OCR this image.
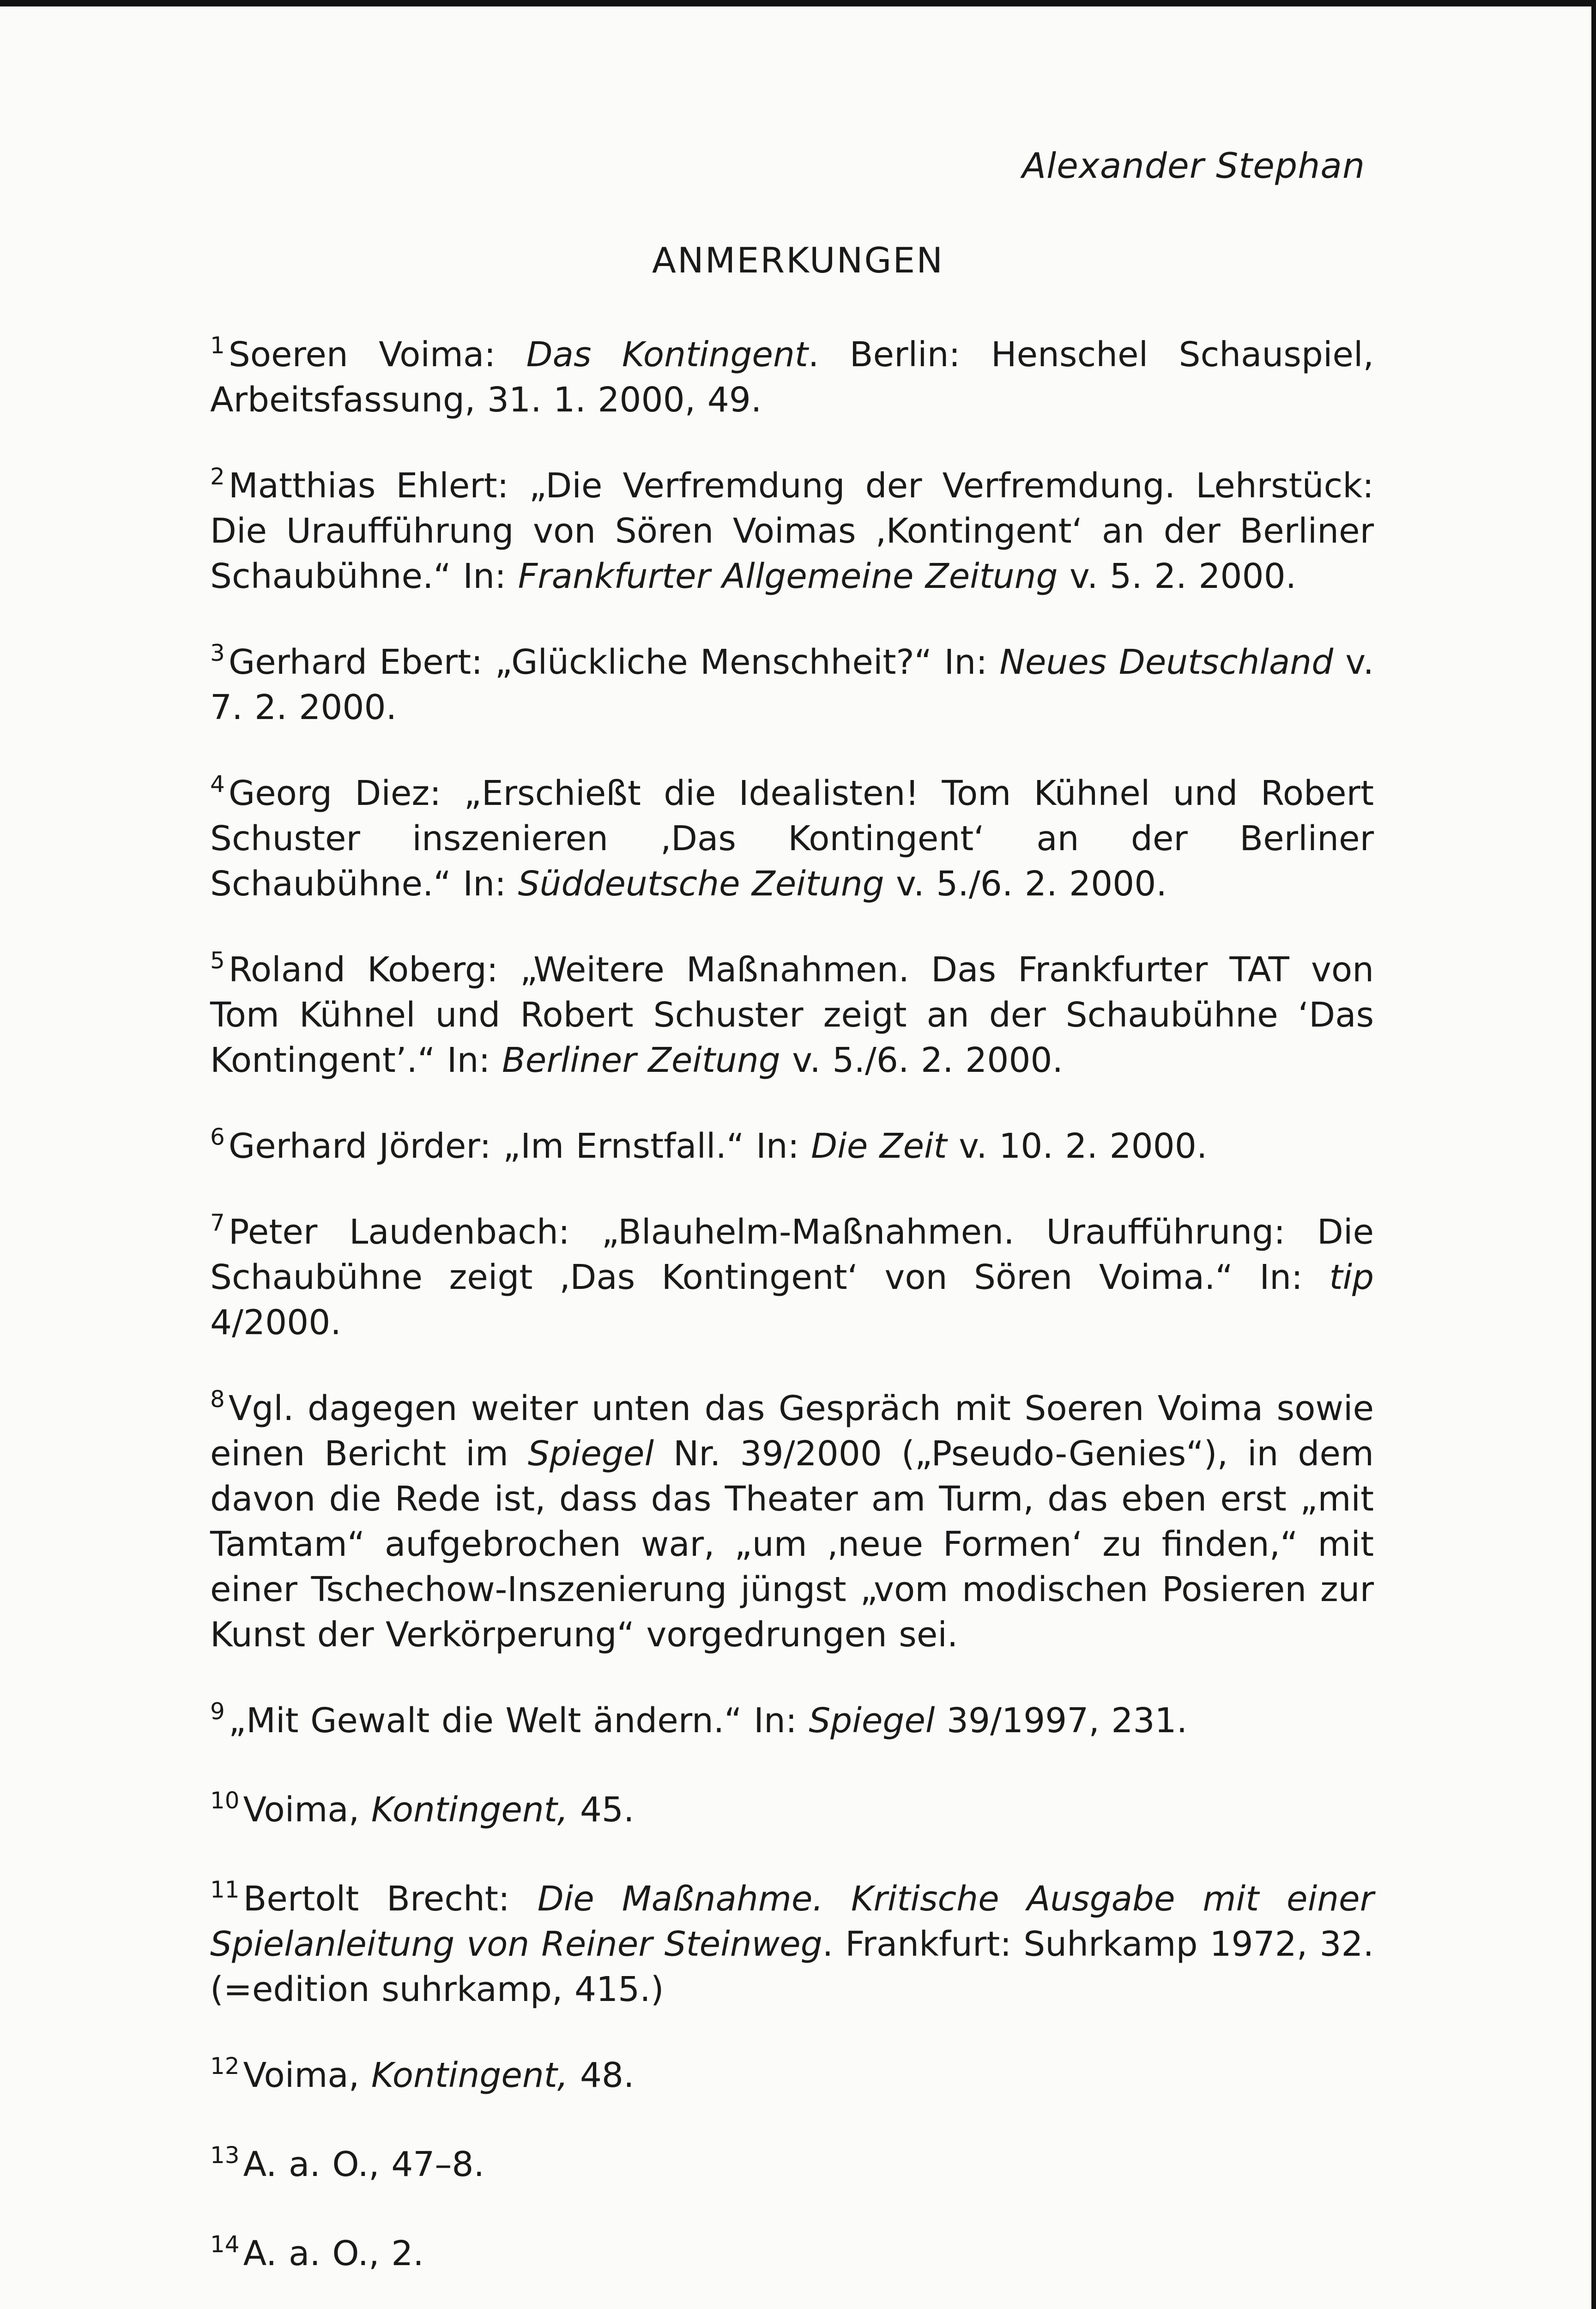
Alexander Stephan
ANMERKUNGEN

$^1$ Soeren Voima: Das Kontingent. Berlin: Henschel Schauspiel, Arbeitsfassung, 31. 1. 2000, 49.

$^2$ Matthias Ehlert: „Die Verfremdung der Verfremdung. Lehrstück: Die Uraufführung von Sören Voimas ‚Kontingent‘ an der Berliner Schaubühne.“ In: Frankfurter Allgemeine Zeitung v. 5. 2. 2000.

$^3$ Gerhard Ebert: „Glückliche Menschheit?“ In: Neues Deutschland v. 7. 2. 2000.

$^4$ Georg Diez: „Erschießt die Idealisten! Tom Kühnel und Robert Schuster inszenieren ‚Das Kontingent‘ an der Berliner Schaubühne.“ In: Süddeutsche Zeitung v. 5./6. 2. 2000.

$^5$ Roland Koberg: „Weitere Maßnahmen. Das Frankfurter TAT von Tom Kühnel und Robert Schuster zeigt an der Schaubühne ‘Das Kontingent’.“ In: Berliner Zeitung v. 5./6. 2. 2000.

$^6$ Gerhard Jörder: „Im Ernstfall.“ In: Die Zeit v. 10. 2. 2000.

$^7$ Peter Laudenbach: „Blauhelm-Maßnahmen. Uraufführung: Die Schaubühne zeigt ‚Das Kontingent‘ von Sören Voima.“ In: tip 4/2000.

$^8$ Vgl. dagegen weiter unten das Gespräch mit Soeren Voima sowie einen Bericht im Spiegel Nr. 39/2000 („Pseudo-Genies“), in dem davon die Rede ist, dass das Theater am Turm, das eben erst „mit Tamtam“ aufgebrochen war, „um ‚neue Formen‘ zu finden,“ mit einer Tschechow-Inszenierung jüngst „vom modischen Posieren zur Kunst der Verkörperung“ vorgedrungen sei.

$^9$ „Mit Gewalt die Welt ändern.“ In: Spiegel 39/1997, 231.

$^{10}$ Voima, Kontingent, 45.

$^{11}$ Bertolt Brecht: Die Maßnahme. Kritische Ausgabe mit einer Spielanleitung von Reiner Steinweg. Frankfurt: Suhrkamp 1972, 32. (=edition suhrkamp, 415.)

$^{12}$ Voima, Kontingent, 48.

$^{13}$ A. a. O., 47–8.

$^{14}$ A. a. O., 2.
